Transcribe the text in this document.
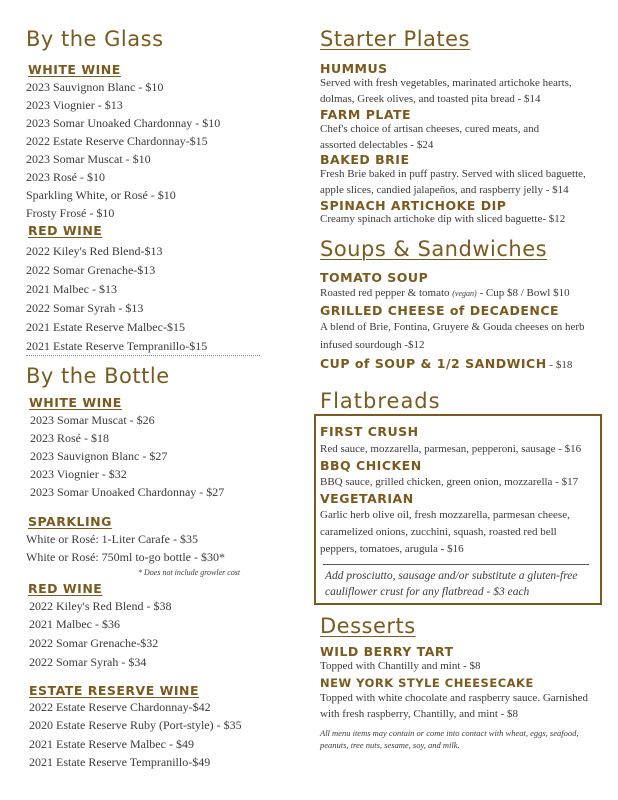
By the Glass
WHITE WINE
2023 Sauvignon Blanc - $10
2023 Viognier - $13
2023 Somar Unoaked Chardonnay - $10
2022 Estate Reserve Chardonnay-$15
2023 Somar Muscat - $10
2023 Rosé - $10
Sparkling White, or Rosé - $10
Frosty Frosé - $10
RED WINE
2022 Kiley's Red Blend-$13
2022 Somar Grenache-$13
2021 Malbec - $13
2022 Somar Syrah - $13
2021 Estate Reserve Malbec-$15
2021 Estate Reserve Tempranillo-$15
By the Bottle
WHITE WINE
2023 Somar Muscat - $26
2023 Rosé - $18
2023 Sauvignon Blanc - $27
2023 Viognier - $32
2023 Somar Unoaked Chardonnay - $27
SPARKLING
White or Rosé: 1-Liter Carafe - $35
White or Rosé: 750ml to-go bottle - $30*
* Does not include growler cost
RED WINE
2022 Kiley's Red Blend - $38
2021 Malbec - $36
2022 Somar Grenache-$32
2022 Somar Syrah - $34
ESTATE RESERVE WINE
2022 Estate Reserve Chardonnay-$42
2020 Estate Reserve Ruby (Port-style) - $35
2021 Estate Reserve Malbec - $49
2021 Estate Reserve Tempranillo-$49
Starter Plates
HUMMUS
Served with fresh vegetables, marinated artichoke hearts, dolmas, Greek olives, and toasted pita bread - $14
FARM PLATE
Chef's choice of artisan cheeses, cured meats, and assorted delectables - $24
BAKED BRIE
Fresh Brie baked in puff pastry. Served with sliced baguette, apple slices, candied jalapeños, and raspberry jelly - $14
SPINACH ARTICHOKE DIP
Creamy spinach artichoke dip with sliced baguette- $12
Soups & Sandwiches
TOMATO SOUP
Roasted red pepper & tomato (vegan) - Cup $8 / Bowl $10
GRILLED CHEESE of DECADENCE
A blend of Brie, Fontina, Gruyere & Gouda cheeses on herb infused sourdough -$12
CUP of SOUP & 1/2 SANDWICH - $18
Flatbreads
FIRST CRUSH
Red sauce, mozzarella, parmesan, pepperoni, sausage - $16
BBQ CHICKEN
BBQ sauce, grilled chicken, green onion, mozzarella - $17
VEGETARIAN
Garlic herb olive oil, fresh mozzarella, parmesan cheese, caramelized onions, zucchini, squash, roasted red bell peppers, tomatoes, arugula - $16
Add prosciutto, sausage and/or substitute a gluten-free cauliflower crust for any flatbread - $3 each
Desserts
WILD BERRY TART
Topped with Chantilly and mint - $8
NEW YORK STYLE CHEESECAKE
Topped with white chocolate and raspberry sauce. Garnished with fresh raspberry, Chantilly, and mint - $8
All menu items may contain or come into contact with wheat, eggs, seafood, peanuts, tree nuts, sesame, soy, and milk.
